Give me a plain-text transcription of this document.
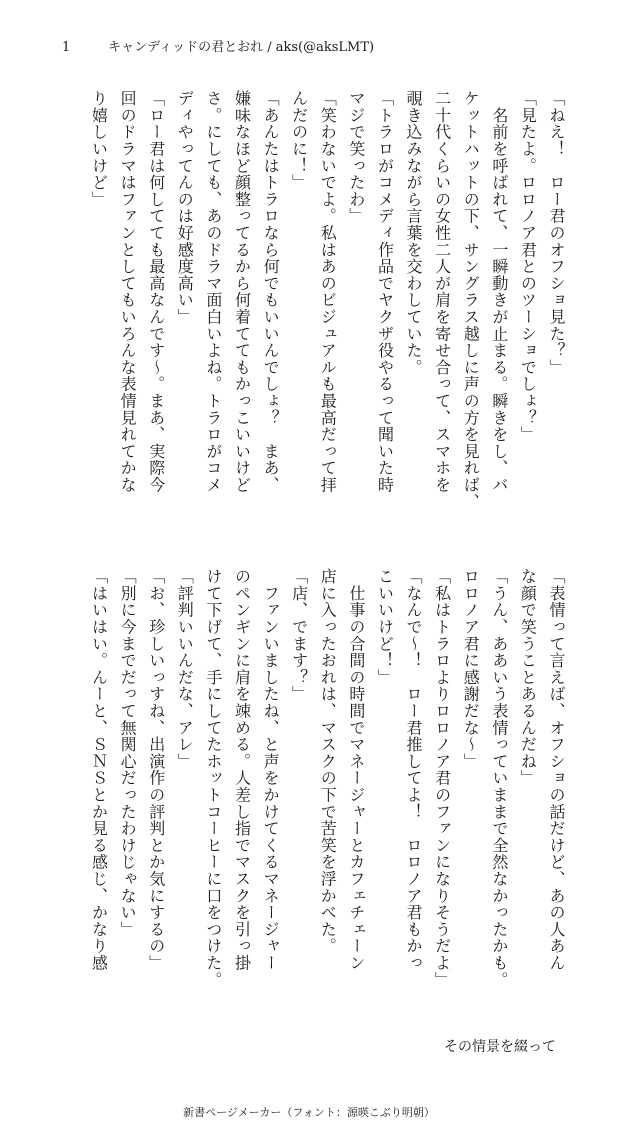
1	キャンディッドの君とおれ / aks(@aksLMT)

「ねえ！　ロー君のオフショ見た？」

「見たよ。ロロノア君とのツーショでしょ？」

　名前を呼ばれて、一瞬動きが止まる。瞬きをし、バ

ケットハットの下、サングラス越しに声の方を見れば、

二十代くらいの女性二人が肩を寄せ合って、スマホを

覗き込みながら言葉を交わしていた。

「トラロがコメディ作品でヤクザ役やるって聞いた時

マジで笑ったわ」

「笑わないでよ。私はあのビジュアルも最高だって拝

んだのに！」

「あんたはトラロなら何でもいいんでしょ？　まあ、

嫌味なほど顔整ってるから何着ててもかっこいいけど

さ。にしても、あのドラマ面白いよね。トラロがコメ

ディやってんのは好感度高い」

「ロー君は何してても最高なんです～。まあ、実際今

回のドラマはファンとしてもいろんな表情見れてかな

り嬉しいけど」

「表情って言えば、オフショの話だけど、あの人あん

な顔で笑うことあるんだね」

「うん、ああいう表情っていままで全然なかったかも。

ロロノア君に感謝だな～」

「私はトラロよりロロノア君のファンになりそうだよ」

「なんで～！　ロー君推してよ！　ロロノア君もかっ

こいいけど！」

　仕事の合間の時間でマネージャーとカフェチェーン

店に入ったおれは、マスクの下で苦笑を浮かべた。

「店、でます？」

　ファンいましたね、と声をかけてくるマネージャー

のペンギンに肩を竦める。人差し指でマスクを引っ掛

けて下げて、手にしてたホットコーヒーに口をつけた。

「評判いいんだな、アレ」

「お、珍しいっすね、出演作の評判とか気にするの」

「別に今までだって無関心だったわけじゃない」

「はいはい。んーと、ＳＮＳとか見る感じ、かなり感

その情景を綴って
新書ページメーカー（フォント：源暎こぶり明朝）
